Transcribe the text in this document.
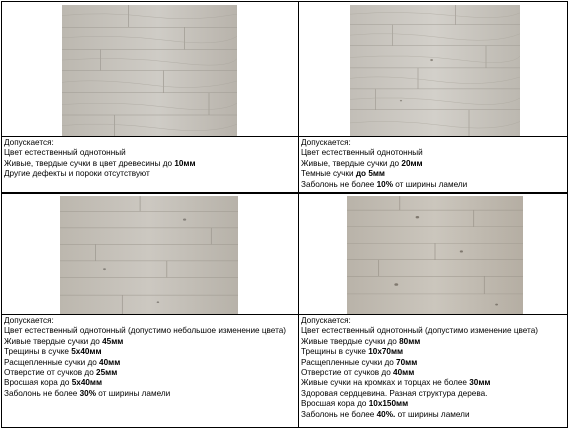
Допускается:
Цвет естественный однотонный
Живые, твердые сучки в цвет древесины до 10мм
Другие дефекты и пороки отсутствуют
Допускается:
Цвет естественный однотонный
Живые, твердые сучки до 20мм
Темные сучки до 5мм
Заболонь не более 10% от ширины ламели
Допускается:
Цвет естественный однотонный (допустимо небольшое изменение цвета)
Живые твердые сучки до 45мм
Трещины в сучке 5х40мм
Расщепленные сучки до 40мм
Отверстие от сучков до 25мм
Вросшая кора до 5х40мм
Заболонь не более 30% от ширины ламели
Допускается:
Цвет естественный однотонный (допустимо изменение цвета)
Живые твердые сучки до 80мм
Трещины в сучке 10х70мм
Расщепленные сучки до 70мм
Отверстие от сучков до 40мм
Живые сучки на кромках и торцах не более 30мм
Здоровая сердцевина. Разная структура дерева.
Вросшая кора до 10х150мм
Заболонь не более 40%. от ширины ламели
